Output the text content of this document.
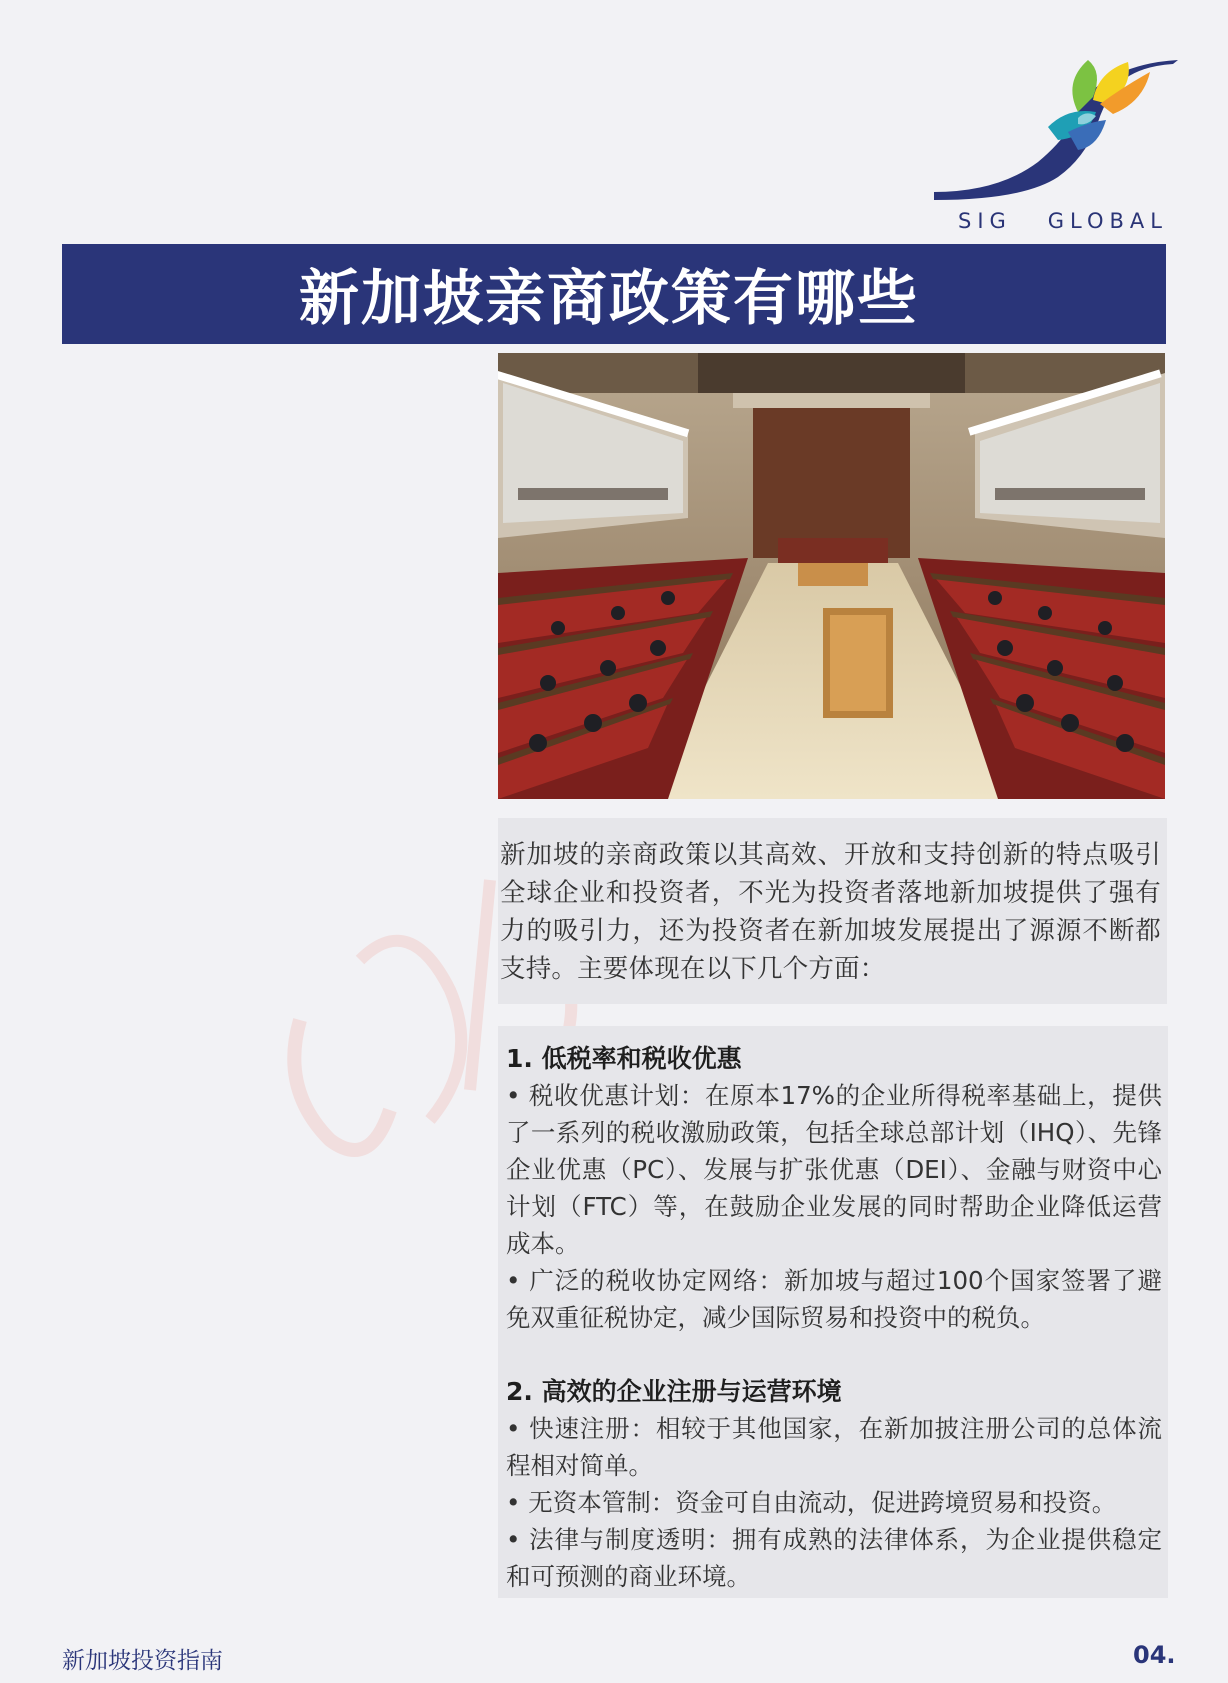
SIG GLOBAL
新加坡亲商政策有哪些

新加坡的亲商政策以其高效、开放和支持创新的特点吸引全球企业和投资者，不光为投资者落地新加坡提供了强有力的吸引力，还为投资者在新加坡发展提出了源源不断都支持。主要体现在以下几个方面：

1. 低税率和税收优惠
• 税收优惠计划：在原本17%的企业所得税率基础上，提供了一系列的税收激励政策，包括全球总部计划（IHQ）、先锋企业优惠（PC）、发展与扩张优惠（DEI）、金融与财资中心计划（FTC）等，在鼓励企业发展的同时帮助企业降低运营成本。
• 广泛的税收协定网络：新加坡与超过100个国家签署了避免双重征税协定，减少国际贸易和投资中的税负。
2. 高效的企业注册与运营环境
• 快速注册：相较于其他国家，在新加披注册公司的总体流程相对简单。
• 无资本管制：资金可自由流动，促进跨境贸易和投资。
• 法律与制度透明：拥有成熟的法律体系，为企业提供稳定和可预测的商业环境。
新加坡投资指南	04.
